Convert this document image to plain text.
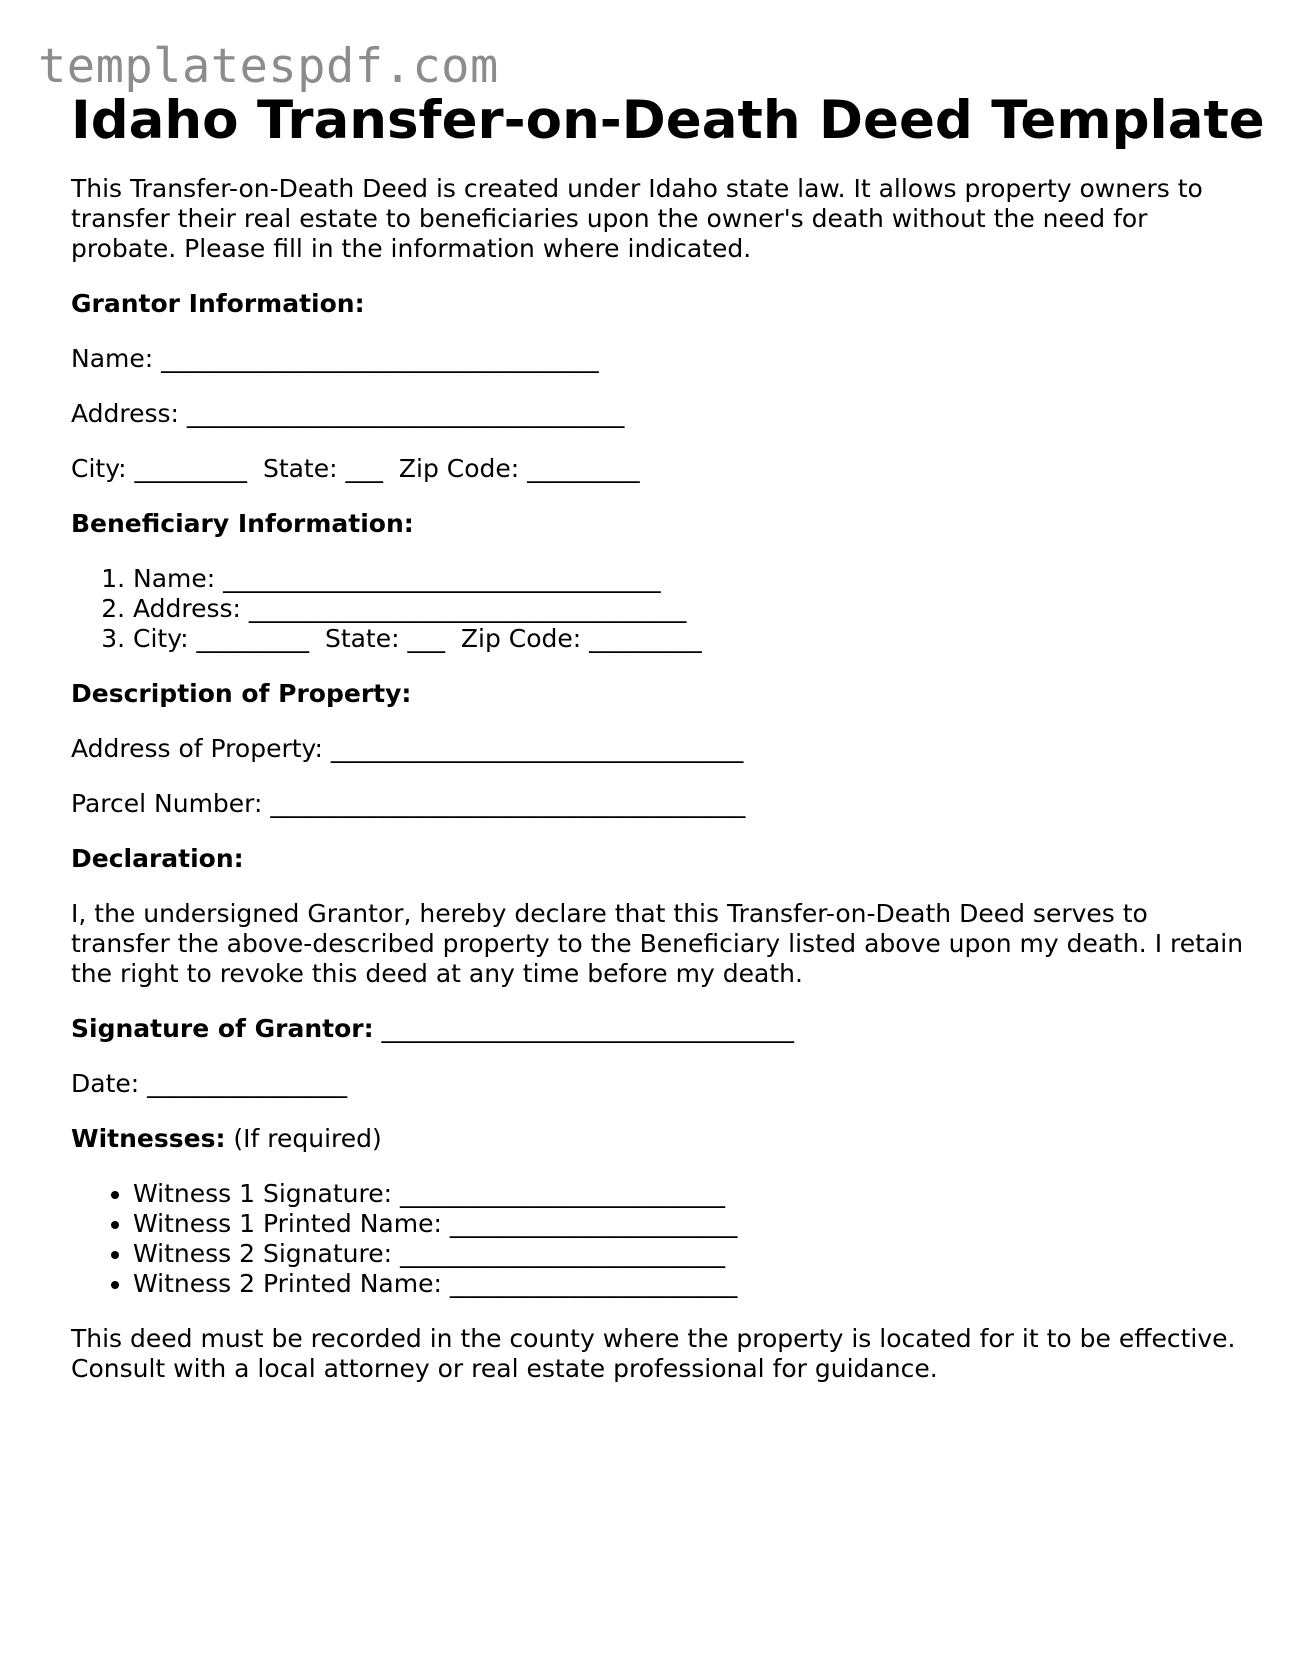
templatespdf.com
Idaho Transfer-on-Death Deed Template

This Transfer-on-Death Deed is created under Idaho state law. It allows property owners to transfer their real estate to beneficiaries upon the owner's death without the need for probate. Please fill in the information where indicated.

Grantor Information:
Name: ___________________________________
Address: ___________________________________
City: _________  State: ___  Zip Code: _________
Beneficiary Information:
1. Name: ___________________________________
2. Address: ___________________________________
3. City: _________  State: ___  Zip Code: _________
Description of Property:
Address of Property: _________________________________
Parcel Number: ______________________________________
Declaration:

I, the undersigned Grantor, hereby declare that this Transfer-on-Death Deed serves to transfer the above-described property to the Beneficiary listed above upon my death. I retain the right to revoke this deed at any time before my death.

Signature of Grantor: _________________________________
Date: ________________
Witnesses: (If required)
• Witness 1 Signature: __________________________
• Witness 1 Printed Name: _______________________
• Witness 2 Signature: __________________________
• Witness 2 Printed Name: _______________________

This deed must be recorded in the county where the property is located for it to be effective. Consult with a local attorney or real estate professional for guidance.
